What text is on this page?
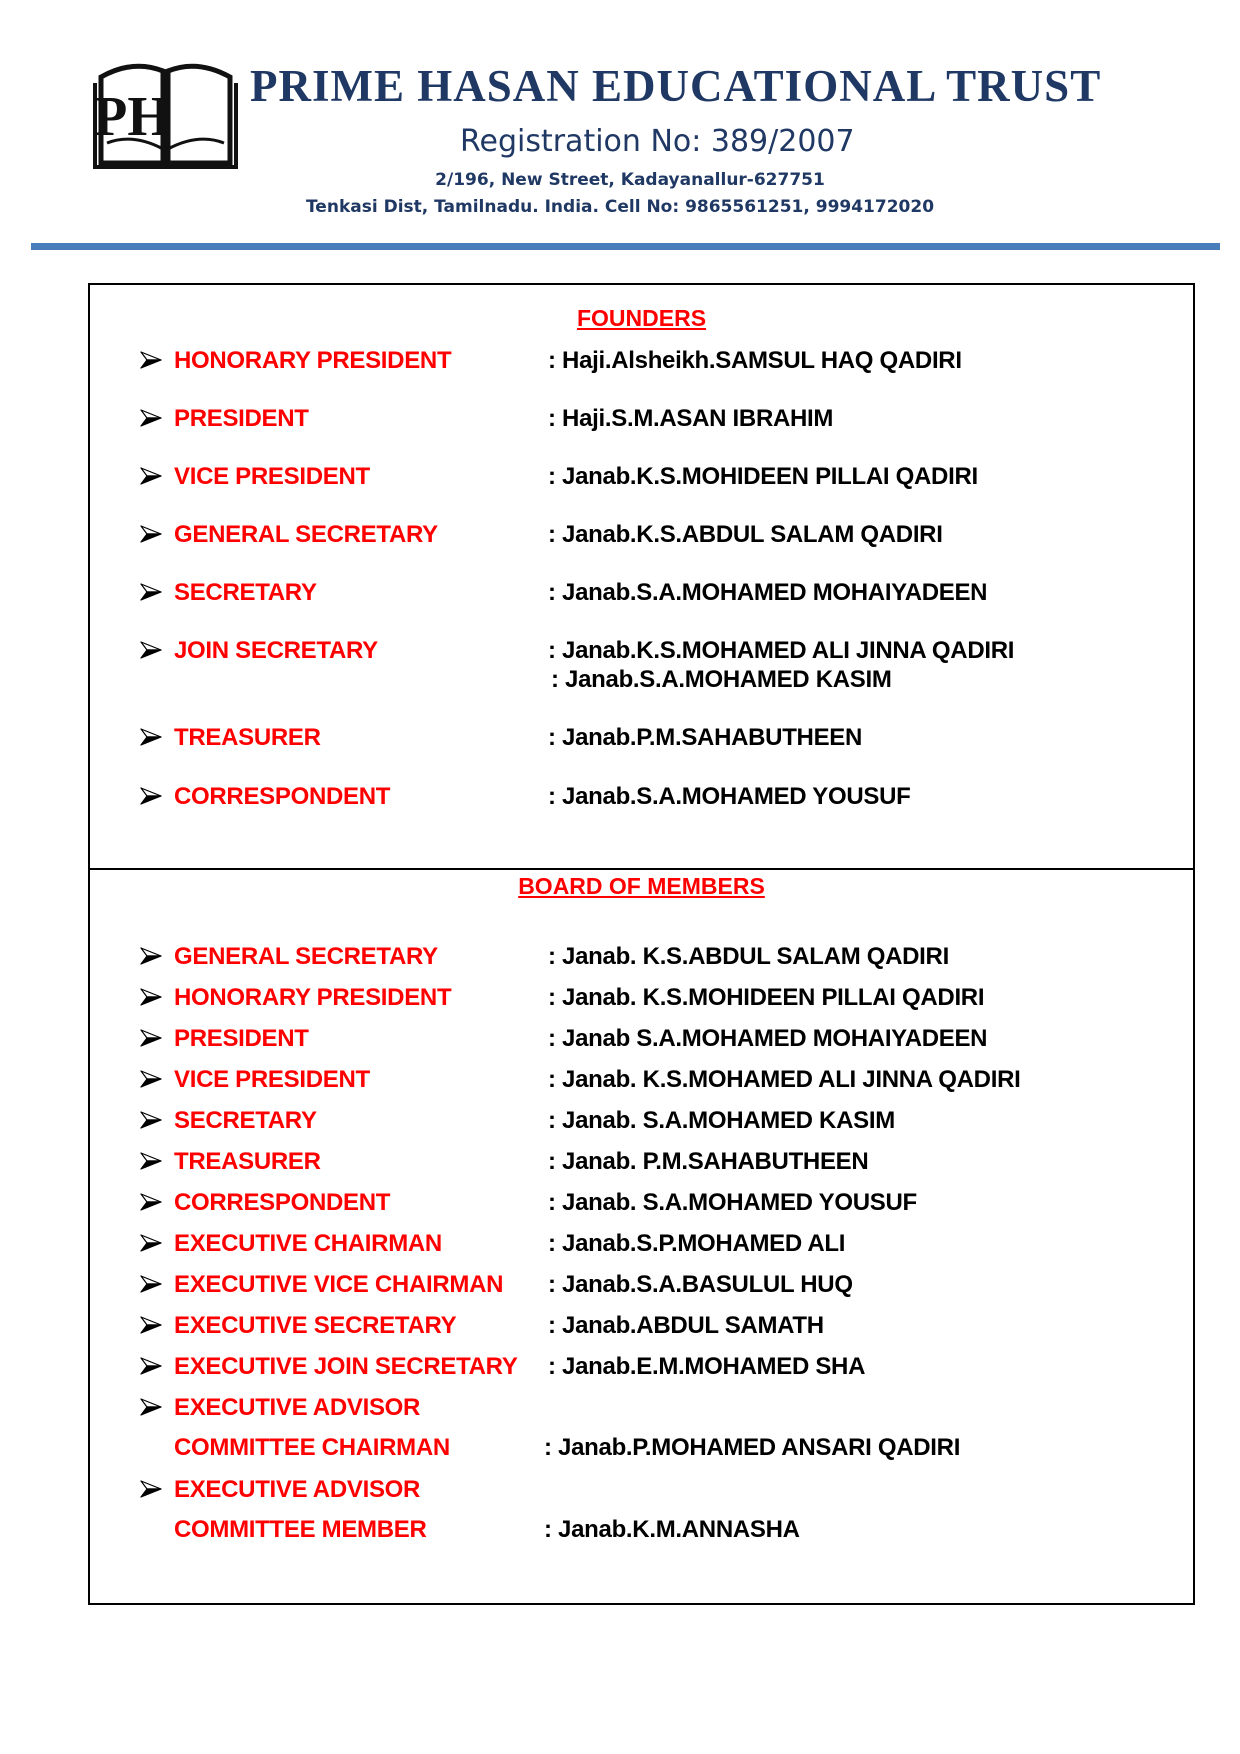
PH PRIME HASAN EDUCATIONAL TRUST
Registration No: 389/2007
2/196, New Street, Kadayanallur-627751
Tenkasi Dist, Tamilnadu. India. Cell No: 9865561251, 9994172020
FOUNDERS
HONORARY PRESIDENT	: Haji.Alsheikh.SAMSUL HAQ QADIRI
PRESIDENT	: Haji.S.M.ASAN IBRAHIM
VICE PRESIDENT	: Janab.K.S.MOHIDEEN PILLAI QADIRI
GENERAL SECRETARY	: Janab.K.S.ABDUL SALAM QADIRI
SECRETARY	: Janab.S.A.MOHAMED MOHAIYADEEN
JOIN SECRETARY	: Janab.K.S.MOHAMED ALI JINNA QADIRI
: Janab.S.A.MOHAMED KASIM
TREASURER	: Janab.P.M.SAHABUTHEEN
CORRESPONDENT	: Janab.S.A.MOHAMED YOUSUF
BOARD OF MEMBERS
GENERAL SECRETARY	: Janab. K.S.ABDUL SALAM QADIRI
HONORARY PRESIDENT	: Janab. K.S.MOHIDEEN PILLAI QADIRI
PRESIDENT	: Janab S.A.MOHAMED MOHAIYADEEN
VICE PRESIDENT	: Janab. K.S.MOHAMED ALI JINNA QADIRI
SECRETARY	: Janab. S.A.MOHAMED KASIM
TREASURER	: Janab. P.M.SAHABUTHEEN
CORRESPONDENT	: Janab. S.A.MOHAMED YOUSUF
EXECUTIVE CHAIRMAN	: Janab.S.P.MOHAMED ALI
EXECUTIVE VICE CHAIRMAN : Janab.S.A.BASULUL HUQ
EXECUTIVE SECRETARY	: Janab.ABDUL SAMATH
EXECUTIVE JOIN SECRETARY : Janab.E.M.MOHAMED SHA
EXECUTIVE ADVISOR
COMMITTEE CHAIRMAN	: Janab.P.MOHAMED ANSARI QADIRI
EXECUTIVE ADVISOR
COMMITTEE MEMBER	: Janab.K.M.ANNASHA
